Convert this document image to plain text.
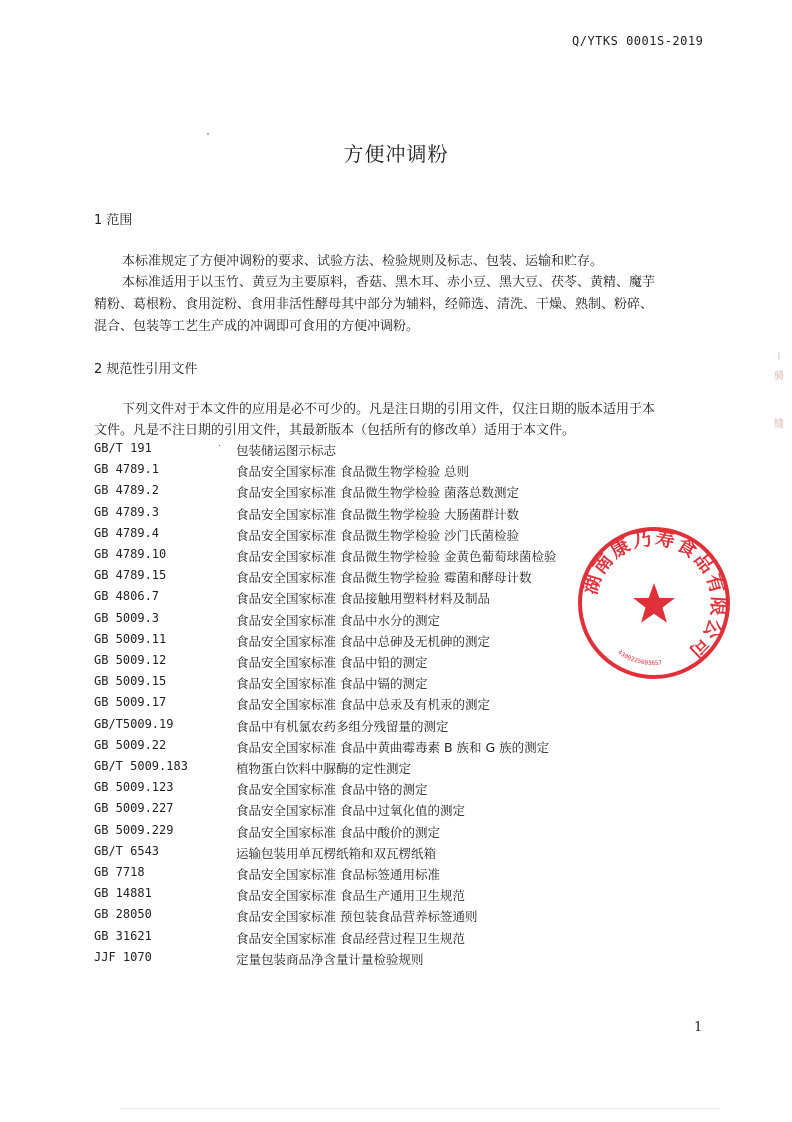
Q/YTKS 0001S-2019
方便冲调粉
1 范围
本标准规定了方便冲调粉的要求、试验方法、检验规则及标志、包装、运输和贮存。
本标准适用于以玉竹、黄豆为主要原料，香菇、黑木耳、赤小豆、黑大豆、茯苓、黄精、魔芋
精粉、葛根粉、食用淀粉、食用非活性酵母其中部分为辅料，经筛选、清洗、干燥、熟制、粉碎、
混合、包装等工艺生产成的冲调即可食用的方便冲调粉。
2 规范性引用文件
下列文件对于本文件的应用是必不可少的。凡是注日期的引用文件，仅注日期的版本适用于本
文件。凡是不注日期的引用文件，其最新版本（包括所有的修改单）适用于本文件。
·
GB/T 191	包装储运图示标志
GB 4789.1	食品安全国家标准 食品微生物学检验 总则
GB 4789.2	食品安全国家标准 食品微生物学检验 菌落总数测定
GB 4789.3	食品安全国家标准 食品微生物学检验 大肠菌群计数
GB 4789.4	食品安全国家标准 食品微生物学检验 沙门氏菌检验
GB 4789.10	食品安全国家标准 食品微生物学检验 金黄色葡萄球菌检验
GB 4789.15	食品安全国家标准 食品微生物学检验 霉菌和酵母计数
GB 4806.7	食品安全国家标准 食品接触用塑料材料及制品
GB 5009.3	食品安全国家标准 食品中水分的测定
GB 5009.11	食品安全国家标准 食品中总砷及无机砷的测定
GB 5009.12	食品安全国家标准 食品中铅的测定
GB 5009.15	食品安全国家标准 食品中镉的测定
GB 5009.17	食品安全国家标准 食品中总汞及有机汞的测定
GB/T5009.19	食品中有机氯农药多组分残留量的测定
GB 5009.22	食品安全国家标准 食品中黄曲霉毒素 B 族和 G 族的测定
GB/T 5009.183	植物蛋白饮料中脲酶的定性测定
GB 5009.123	食品安全国家标准 食品中铬的测定
GB 5009.227	食品安全国家标准 食品中过氧化值的测定
GB 5009.229	食品安全国家标准 食品中酸价的测定
GB/T 6543	运输包装用单瓦楞纸箱和双瓦楞纸箱
GB 7718	食品安全国家标准 食品标签通用标准
GB 14881	食品安全国家标准 食品生产通用卫生规范
GB 28050	食品安全国家标准 预包装食品营养标签通则
GB 31621	食品安全国家标准 食品经营过程卫生规范
JJF 1070	定量包装商品净含量计量检验规则
湖南康乃寿食品有限公司
4309225003657
⁞
骑
缝
1
